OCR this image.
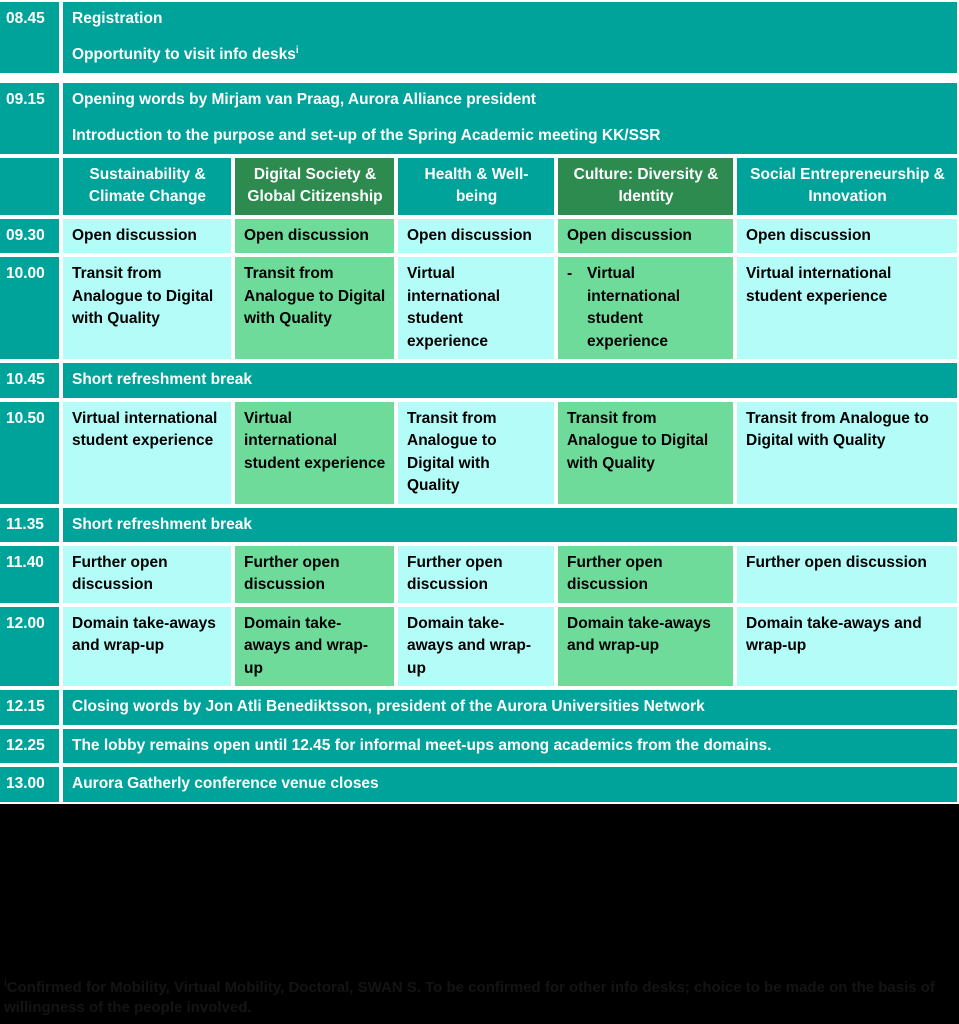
08.45	Registration

Opportunity to visit info desks$^i$

09.15	Opening words by Mirjam van Praag, Aurora Alliance president

Introduction to the purpose and set-up of the Spring Academic meeting KK/SSR				

	Sustainability & Climate Change	Digital Society & Global Citizenship	Health & Well-being	Culture: Diversity & Identity	Social Entrepreneurship & Innovation
09.30	Open discussion	Open discussion	Open discussion	Open discussion	Open discussion
10.00	Transit from Analogue to Digital with Quality	Transit from Analogue to Digital with Quality	Virtual international student experience	- Virtual international student experience	Virtual international student experience
10.45	Short refreshment break				
10.50	Virtual international student experience	Virtual international student experience	Transit from Analogue to Digital with Quality	Transit from Analogue to Digital with Quality	Transit from Analogue to Digital with Quality
11.35	Short refreshment break				
11.40	Further open discussion	Further open discussion	Further open discussion	Further open discussion	Further open discussion
12.00	Domain take-aways and wrap-up	Domain take-aways and wrap-up	Domain take-aways and wrap-up	Domain take-aways and wrap-up	Domain take-aways and wrap-up
12.15	Closing words by Jon Atli Benediktsson, president of the Aurora Universities Network				
12.25	The lobby remains open until 12.45 for informal meet-ups among academics from the domains.				
13.00	Aurora Gatherly conference venue closes				
$^i$Confirmed for Mobility, Virtual Mobility, Doctoral, SWAN S. To be confirmed for other info desks; choice to be made on the basis of willingness of the people involved.
